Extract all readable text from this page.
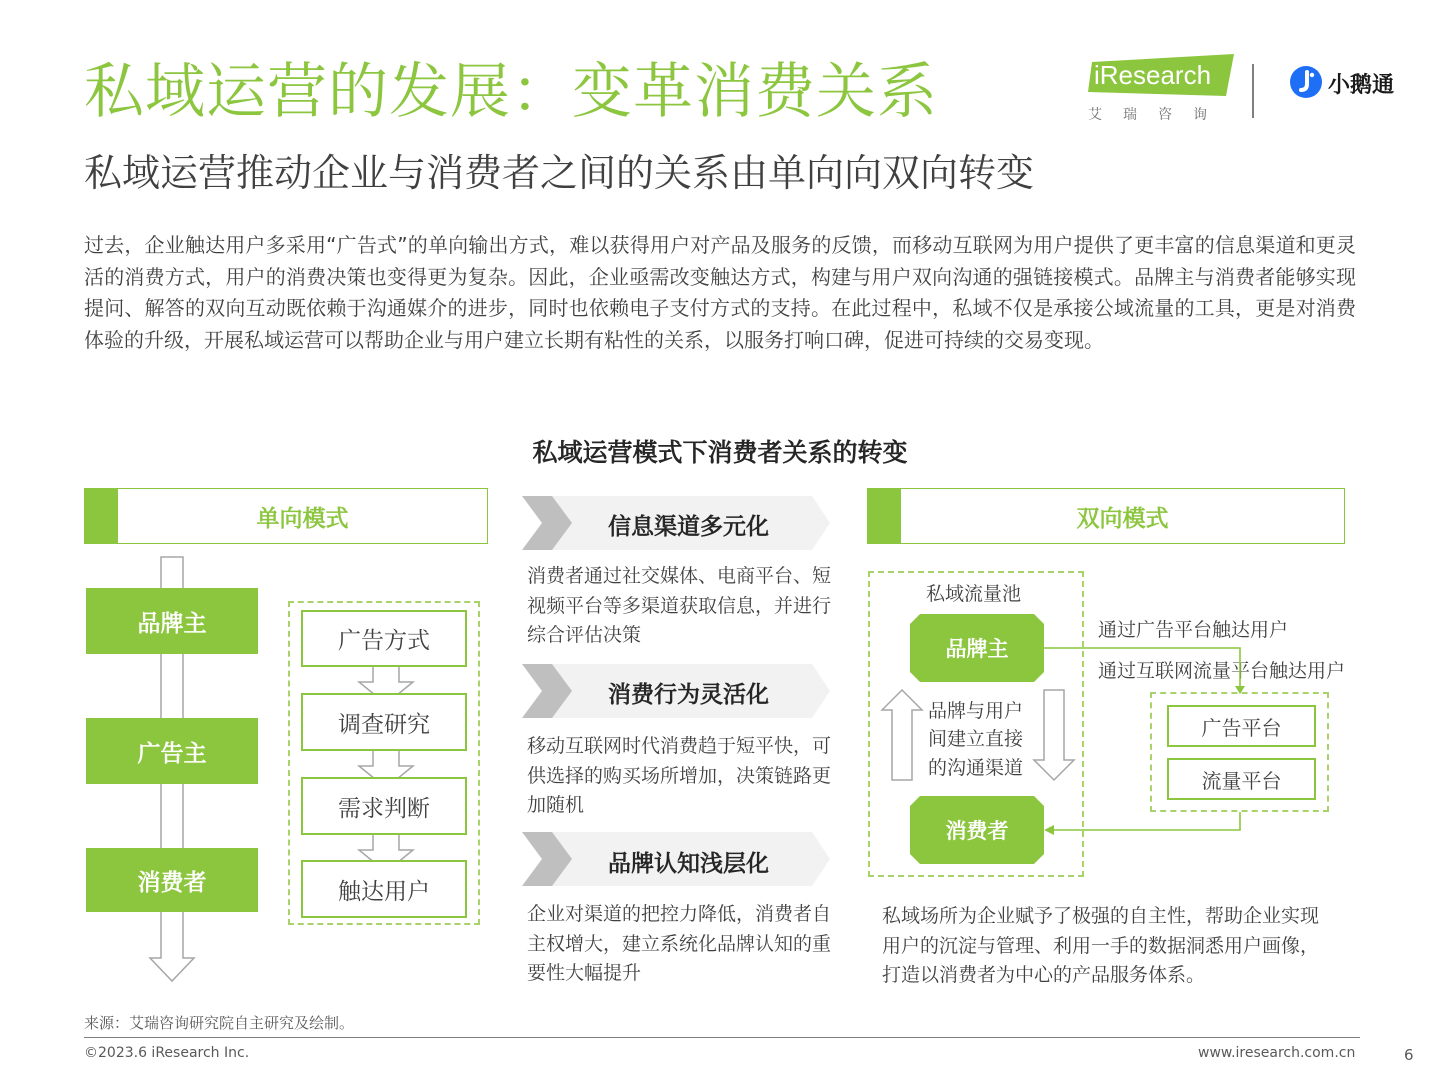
私域运营的发展：变革消费关系
私域运营推动企业与消费者之间的关系由单向向双向转变
iResearch
艾瑞咨询
小鹅通
过去，企业触达用户多采用“广告式”的单向输出方式，难以获得用户对产品及服务的反馈，而移动互联网为用户提供了更丰富的信息渠道和更灵活的消费方式，用户的消费决策也变得更为复杂。因此，企业亟需改变触达方式，构建与用户双向沟通的强链接模式。品牌主与消费者能够实现提问、解答的双向互动既依赖于沟通媒介的进步，同时也依赖电子支付方式的支持。在此过程中，私域不仅是承接公域流量的工具，更是对消费体验的升级，开展私域运营可以帮助企业与用户建立长期有粘性的关系，以服务打响口碑，促进可持续的交易变现。
私域运营模式下消费者关系的转变
单向模式
品牌主
广告主
消费者
广告方式
调查研究
需求判断
触达用户
信息渠道多元化
消费者通过社交媒体、电商平台、短视频平台等多渠道获取信息，并进行综合评估决策
消费行为灵活化
移动互联网时代消费趋于短平快，可供选择的购买场所增加，决策链路更加随机
品牌认知浅层化
企业对渠道的把控力降低，消费者自主权增大，建立系统化品牌认知的重要性大幅提升
双向模式
私域流量池
品牌主
消费者
品牌与用户
间建立直接
的沟通渠道
通过广告平台触达用户
通过互联网流量平台触达用户
广告平台
流量平台
私域场所为企业赋予了极强的自主性，帮助企业实现用户的沉淀与管理、利用一手的数据洞悉用户画像，打造以消费者为中心的产品服务体系。
来源：艾瑞咨询研究院自主研究及绘制。
©2023.6 iResearch Inc.	www.iresearch.com.cn	6
